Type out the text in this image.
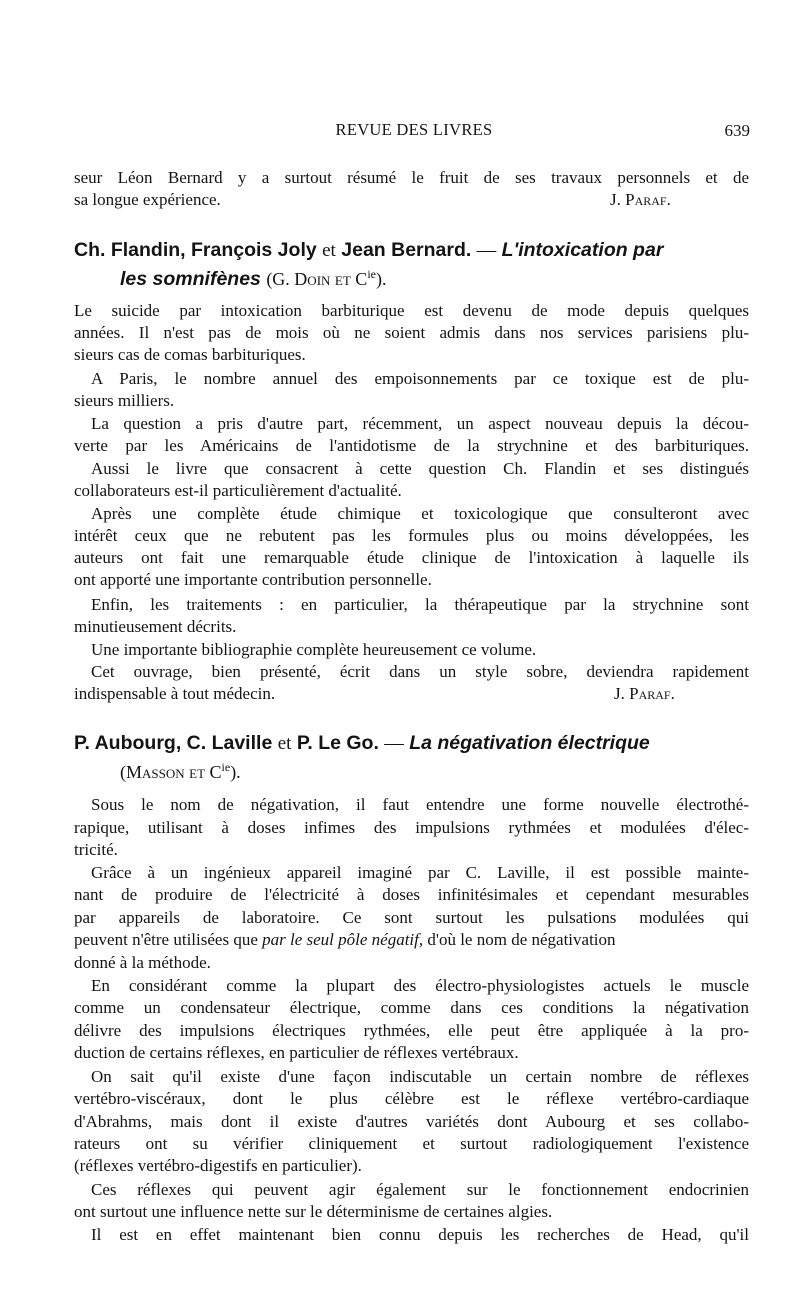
REVUE DES LIVRES	639
seur Léon Bernard y a surtout résumé le fruit de ses travaux personnels et de
sa longue expérience.	J. Paraf.
Ch. Flandin, François Joly et Jean Bernard. — L'intoxication par
les somnifènes (G. Doin et $C^{ie}$).
Le suicide par intoxication barbiturique est devenu de mode depuis quelques
années. Il n'est pas de mois où ne soient admis dans nos services parisiens plu-
sieurs cas de comas barbituriques.
A Paris, le nombre annuel des empoisonnements par ce toxique est de plu-
sieurs milliers.
La question a pris d'autre part, récemment, un aspect nouveau depuis la décou-
verte par les Américains de l'antidotisme de la strychnine et des barbituriques.
Aussi le livre que consacrent à cette question Ch. Flandin et ses distingués
collaborateurs est-il particulièrement d'actualité.
Après une complète étude chimique et toxicologique que consulteront avec
intérêt ceux que ne rebutent pas les formules plus ou moins développées, les
auteurs ont fait une remarquable étude clinique de l'intoxication à laquelle ils
ont apporté une importante contribution personnelle.
Enfin, les traitements : en particulier, la thérapeutique par la strychnine sont
minutieusement décrits.
Une importante bibliographie complète heureusement ce volume.
Cet ouvrage, bien présenté, écrit dans un style sobre, deviendra rapidement
indispensable à tout médecin.	J. Paraf.
P. Aubourg, C. Laville et P. Le Go. — La négativation électrique
(Masson et $C^{ie}$).
Sous le nom de négativation, il faut entendre une forme nouvelle électrothé-
rapique, utilisant à doses infimes des impulsions rythmées et modulées d'élec-
tricité.
Grâce à un ingénieux appareil imaginé par C. Laville, il est possible mainte-
nant de produire de l'électricité à doses infinitésimales et cependant mesurables
par appareils de laboratoire. Ce sont surtout les pulsations modulées qui
peuvent n'être utilisées que par le seul pôle négatif, d'où le nom de négativation
donné à la méthode.
En considérant comme la plupart des électro-physiologistes actuels le muscle
comme un condensateur électrique, comme dans ces conditions la négativation
délivre des impulsions électriques rythmées, elle peut être appliquée à la pro-
duction de certains réflexes, en particulier de réflexes vertébraux.
On sait qu'il existe d'une façon indiscutable un certain nombre de réflexes
vertébro-viscéraux, dont le plus célèbre est le réflexe vertébro-cardiaque
d'Abrahms, mais dont il existe d'autres variétés dont Aubourg et ses collabo-
rateurs ont su vérifier cliniquement et surtout radiologiquement l'existence
(réflexes vertébro-digestifs en particulier).
Ces réflexes qui peuvent agir également sur le fonctionnement endocrinien
ont surtout une influence nette sur le déterminisme de certaines algies.
Il est en effet maintenant bien connu depuis les recherches de Head, qu'il
